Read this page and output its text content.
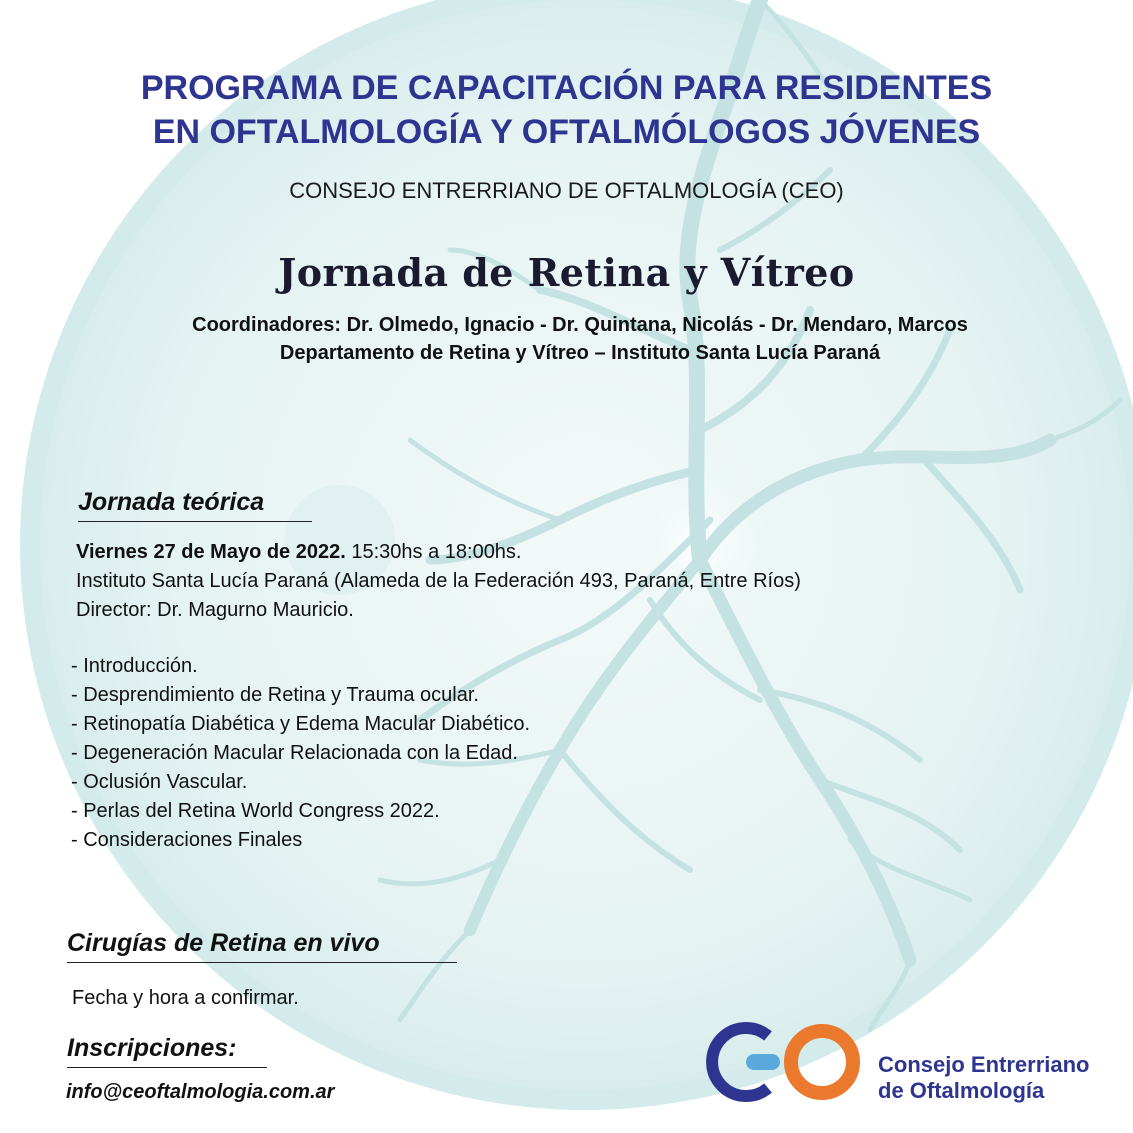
PROGRAMA DE CAPACITACIÓN PARA RESIDENTES
EN OFTALMOLOGÍA Y OFTALMÓLOGOS JÓVENES
CONSEJO ENTRERRIANO DE OFTALMOLOGÍA (CEO)
Jornada de Retina y Vítreo
Coordinadores: Dr. Olmedo, Ignacio - Dr. Quintana, Nicolás - Dr. Mendaro, Marcos
Departamento de Retina y Vítreo – Instituto Santa Lucía Paraná
Jornada teórica
Viernes 27 de Mayo de 2022. 15:30hs a 18:00hs.
Instituto Santa Lucía Paraná (Alameda de la Federación 493, Paraná, Entre Ríos)
Director: Dr. Magurno Mauricio.
- Introducción.
- Desprendimiento de Retina y Trauma ocular.
- Retinopatía Diabética y Edema Macular Diabético.
- Degeneración Macular Relacionada con la Edad.
- Oclusión Vascular.
- Perlas del Retina World Congress 2022.
- Consideraciones Finales
Cirugías de Retina en vivo
Fecha y hora a confirmar.
Inscripciones:
info@ceoftalmologia.com.ar
Consejo Entrerriano
de Oftalmología
